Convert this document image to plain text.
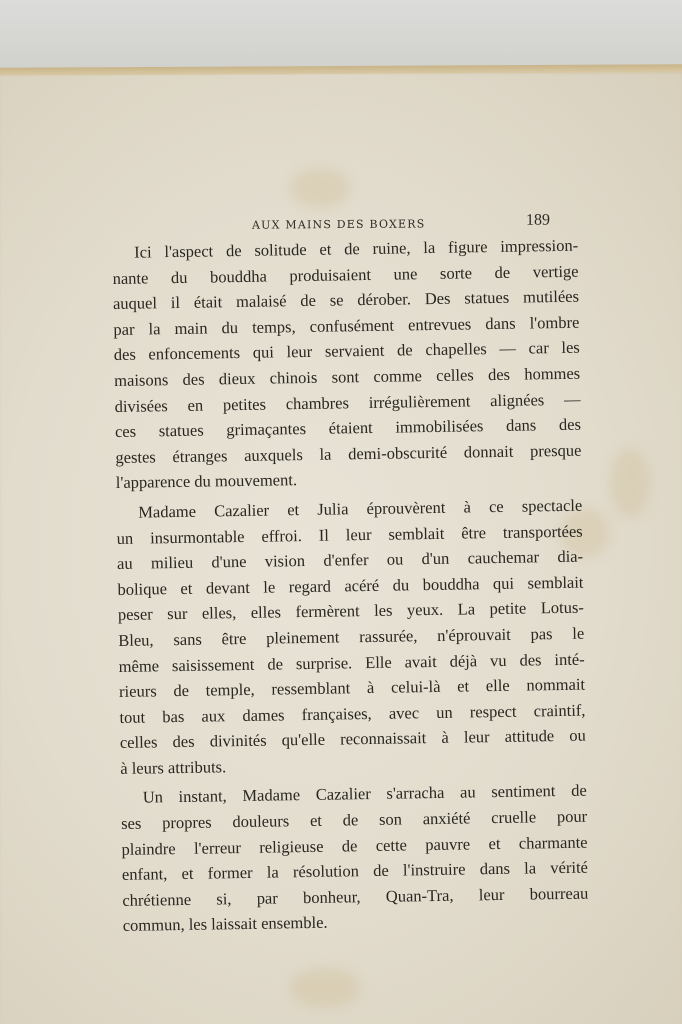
AUX MAINS DES BOXERS	189
Ici l'aspect de solitude et de ruine, la figure impression-
nante du bouddha produisaient une sorte de vertige
auquel il était malaisé de se dérober. Des statues mutilées
par la main du temps, confusément entrevues dans l'ombre
des enfoncements qui leur servaient de chapelles — car les
maisons des dieux chinois sont comme celles des hommes
divisées en petites chambres irrégulièrement alignées —
ces statues grimaçantes étaient immobilisées dans des
gestes étranges auxquels la demi-obscurité donnait presque
l'apparence du mouvement.
Madame Cazalier et Julia éprouvèrent à ce spectacle
un insurmontable effroi. Il leur semblait être transportées
au milieu d'une vision d'enfer ou d'un cauchemar dia-
bolique et devant le regard acéré du bouddha qui semblait
peser sur elles, elles fermèrent les yeux. La petite Lotus-
Bleu, sans être pleinement rassurée, n'éprouvait pas le
même saisissement de surprise. Elle avait déjà vu des inté-
rieurs de temple, ressemblant à celui-là et elle nommait
tout bas aux dames françaises, avec un respect craintif,
celles des divinités qu'elle reconnaissait à leur attitude ou
à leurs attributs.
Un instant, Madame Cazalier s'arracha au sentiment de
ses propres douleurs et de son anxiété cruelle pour
plaindre l'erreur religieuse de cette pauvre et charmante
enfant, et former la résolution de l'instruire dans la vérité
chrétienne si, par bonheur, Quan-Tra, leur bourreau
commun, les laissait ensemble.
